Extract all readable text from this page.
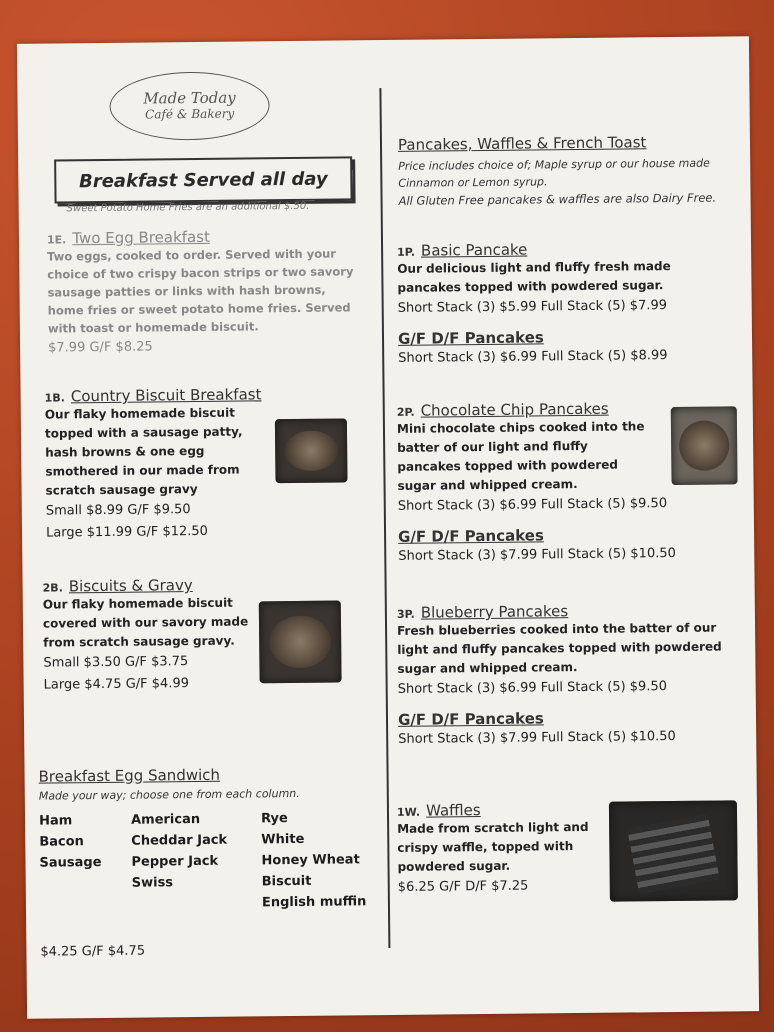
Made Today
Café & Bakery
Breakfast Served all day
Sweet Potato Home Fries are an additional $.50.
1E. Two Egg Breakfast
Two eggs, cooked to order. Served with your choice of two crispy bacon strips or two savory sausage patties or links with hash browns, home fries or sweet potato home fries. Served with toast or homemade biscuit.
$7.99 G/F $8.25
1B. Country Biscuit Breakfast
Our flaky homemade biscuit topped with a sausage patty, hash browns & one egg smothered in our made from scratch sausage gravy
Small $8.99 G/F $9.50
Large $11.99 G/F $12.50
2B. Biscuits & Gravy
Our flaky homemade biscuit covered with our savory made from scratch sausage gravy.
Small $3.50 G/F $3.75
Large $4.75 G/F $4.99
Breakfast Egg Sandwich
Made your way; choose one from each column.
Ham
Bacon
Sausage
American
Cheddar Jack
Pepper Jack
Swiss
Rye
White
Honey Wheat
Biscuit
English muffin
$4.25 G/F $4.75
Pancakes, Waffles & French Toast
Price includes choice of; Maple syrup or our house made Cinnamon or Lemon syrup.
All Gluten Free pancakes & waffles are also Dairy Free.
1P. Basic Pancake
Our delicious light and fluffy fresh made pancakes topped with powdered sugar.
Short Stack (3) $5.99 Full Stack (5) $7.99
G/F D/F Pancakes
Short Stack (3) $6.99 Full Stack (5) $8.99
2P. Chocolate Chip Pancakes
Mini chocolate chips cooked into the batter of our light and fluffy pancakes topped with powdered sugar and whipped cream.
Short Stack (3) $6.99 Full Stack (5) $9.50
G/F D/F Pancakes
Short Stack (3) $7.99 Full Stack (5) $10.50
3P. Blueberry Pancakes
Fresh blueberries cooked into the batter of our light and fluffy pancakes topped with powdered sugar and whipped cream.
Short Stack (3) $6.99 Full Stack (5) $9.50
G/F D/F Pancakes
Short Stack (3) $7.99 Full Stack (5) $10.50
1W. Waffles
Made from scratch light and crispy waffle, topped with powdered sugar.
$6.25 G/F D/F $7.25
